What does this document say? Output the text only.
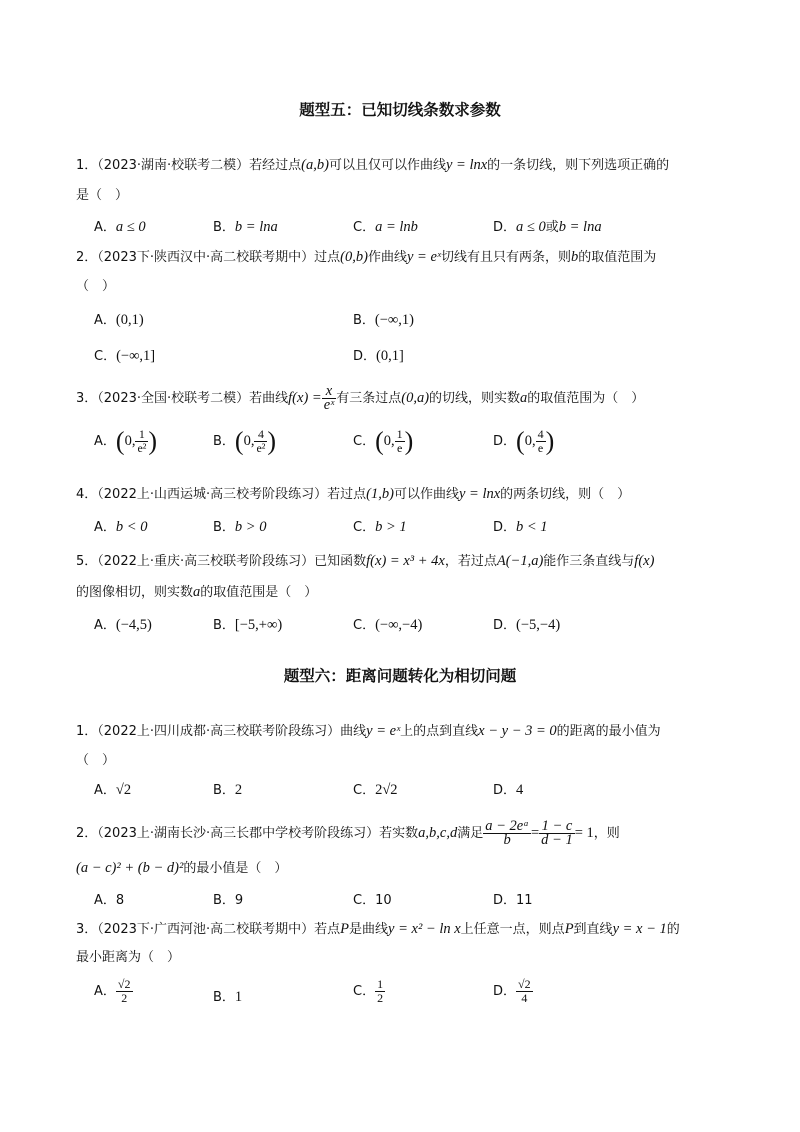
题型五：已知切线条数求参数
1．（2023·湖南·校联考二模）若经过点(a,b)可以且仅可以作曲线y = lnx的一条切线，则下列选项正确的
是（　）
A．a ≤ 0	B．b = lna	C．a = lnb	D．a ≤ 0或b = lna
2．（2023下·陕西汉中·高二校联考期中）过点(0,b)作曲线y = eˣ切线有且只有两条，则b的取值范围为
（　）
A．(0,1)	B．(−∞,1)
C．(−∞,1]	D．(0,1]
3．（2023·全国·校联考二模）若曲线$f(x) = \frac{x}{\text{eˣ}}$ 有三条过点(0,a)的切线，则实数a的取值范围为（　）
A．(0, $\frac{1}{\text{e²}}$ )	B．(0, $\frac{4}{\text{e²}}$ )	C．(0, $\frac{1}{e}$ )	D．(0, $\frac{4}{e}$ )
4．（2022上·山西运城·高三校考阶段练习）若过点(1,b)可以作曲线y = lnx的两条切线，则（　）
A．b < 0	B．b > 0	C．b > 1	D．b < 1
5．（2022上·重庆·高三校联考阶段练习）已知函数f(x) = x³ + 4x，若过点A(−1,a)能作三条直线与f(x)
的图像相切，则实数a的取值范围是（　）
A．(−4,5)	B．[−5,+∞)	C．(−∞,−4)	D．(−5,−4)
题型六：距离问题转化为相切问题
1．（2022上·四川成都·高三校联考阶段练习）曲线y = eˣ上的点到直线x − y − 3 = 0的距离的最小值为
（　）
A．√2	B．2	C．2√2	D．4
2．（2023上·湖南长沙·高三长郡中学校考阶段练习）若实数a,b,c,d满足 $\frac{\text{a − 2eᵃ}}{b} = \frac{1 - c}{d - 1} = 1$，则
(a − c)² + (b − d)²的最小值是（　）
A．8	B．9	C．10	D．11
3．（2023下·广西河池·高二校联考期中）若点P是曲线y = x² − ln x上任意一点，则点P到直线y = x − 1的
最小距离为（　）
A． $\frac{√2}{2}$	B．1	C． $\frac{1}{2}$	D． $\frac{√2}{4}$
